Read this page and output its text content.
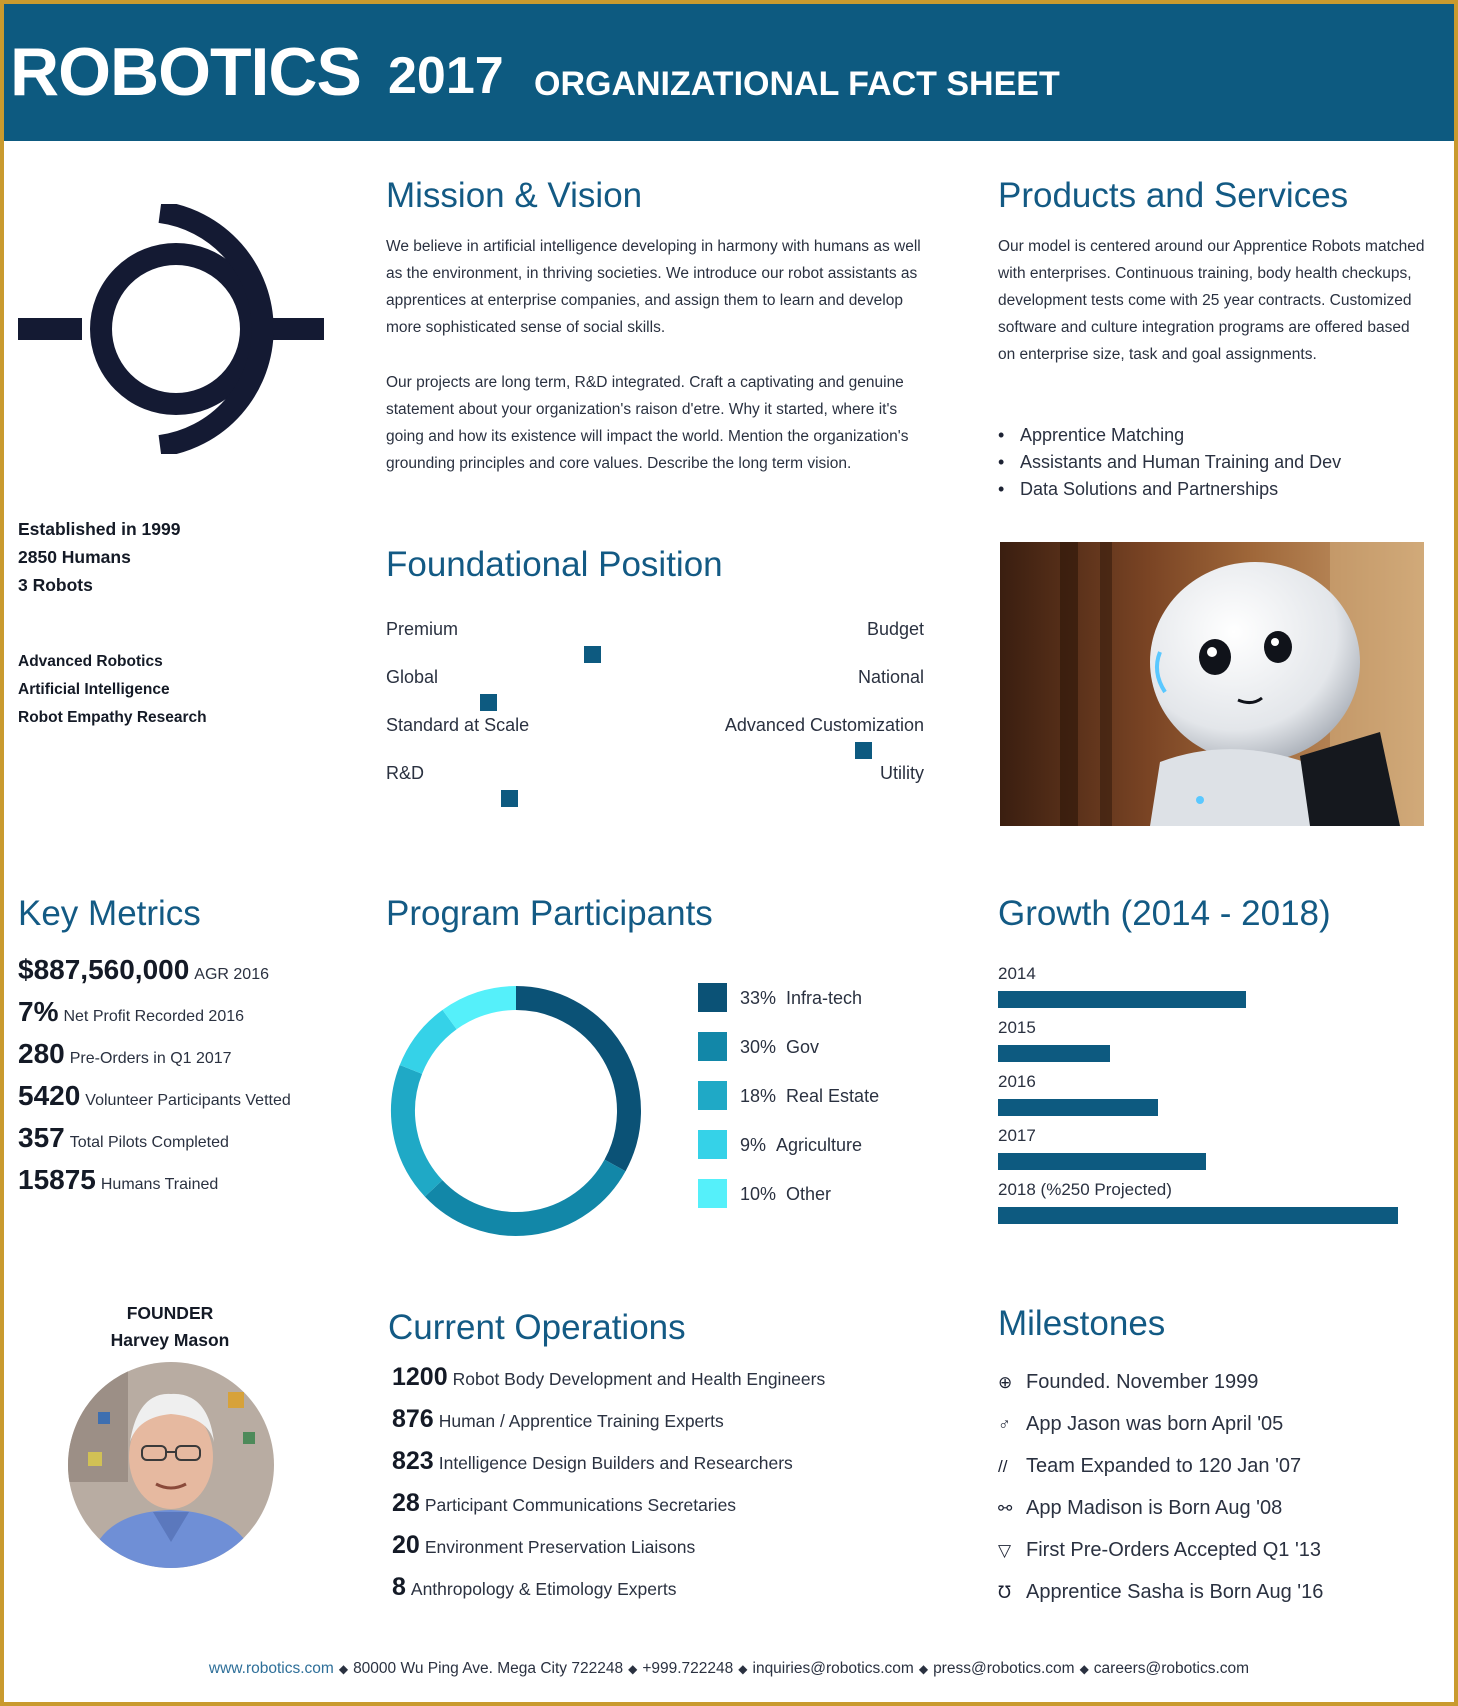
ROBOTICS 2017 ORGANIZATIONAL FACT SHEET
Established in 1999
2850 Humans
3 Robots
Advanced Robotics
Artificial Intelligence
Robot Empathy Research
Mission & Vision
We believe in artificial intelligence developing in harmony with humans as well as the environment, in thriving societies. We introduce our robot assistants as apprentices at enterprise companies, and assign them to learn and develop more sophisticated sense of social skills.
Our projects are long term, R&D integrated. Craft a captivating and genuine statement about your organization's raison d'etre. Why it started, where it's going and how its existence will impact the world. Mention the organization's grounding principles and core values. Describe the long term vision.
Products and Services
Our model is centered around our Apprentice Robots matched with enterprises. Continuous training, body health checkups, development tests come with 25 year contracts. Customized software and culture integration programs are offered based on enterprise size, task and goal assignments.
• Apprentice Matching
• Assistants and Human Training and Dev
• Data Solutions and Partnerships
Foundational Position
Premium	Budget
Global	National
Standard at Scale	Advanced Customization
R&D	Utility
Key Metrics
$887,560,000 AGR 2016
7% Net Profit Recorded 2016
280 Pre-Orders in Q1 2017
5420 Volunteer Participants Vetted
357 Total Pilots Completed
15875 Humans Trained
Program Participants
33% Infra-tech
30% Gov
18% Real Estate
9% Agriculture
10% Other
Growth (2014 - 2018)
2014
2015
2016
2017
2018 (%250 Projected)
FOUNDER
Harvey Mason	Current Operations
1200 Robot Body Development and Health Engineers
876 Human / Apprentice Training Experts
823 Intelligence Design Builders and Researchers
28 Participant Communications Secretaries
20 Environment Preservation Liaisons
8 Anthropology & Etimology Experts
Milestones
⊕ Founded. November 1999
♂ App Jason was born April '05
// Team Expanded to 120 Jan '07
⚯ App Madison is Born Aug '08
▽ First Pre-Orders Accepted Q1 '13
℧ Apprentice Sasha is Born Aug '16
www.robotics.com ◆ 80000 Wu Ping Ave. Mega City 722248 ◆ +999.722248 ◆ inquiries@robotics.com ◆ press@robotics.com ◆ careers@robotics.com
